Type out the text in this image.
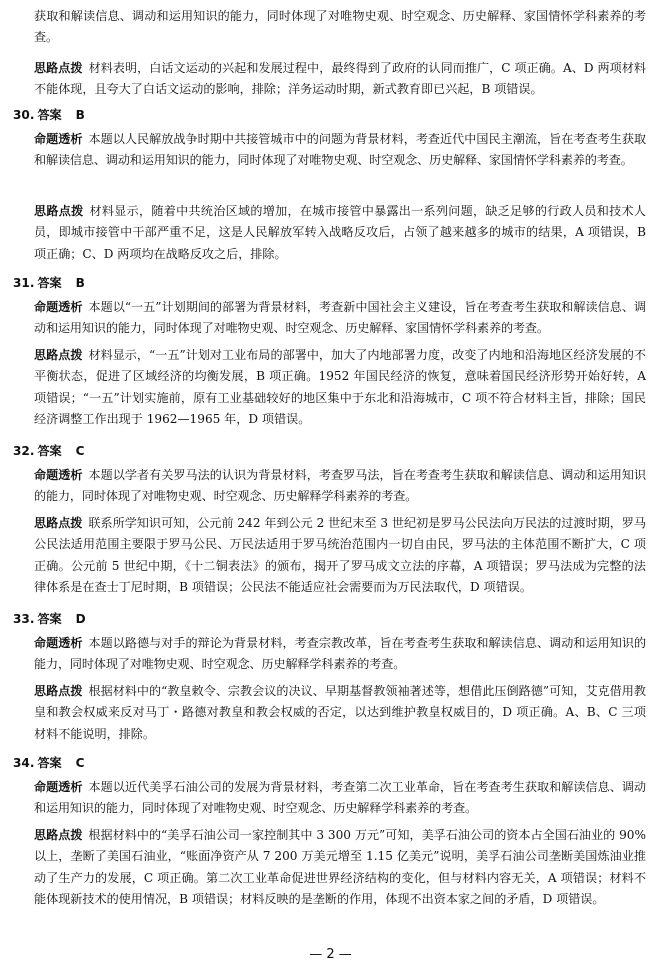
获取和解读信息、调动和运用知识的能力，同时体现了对唯物史观、时空观念、历史解释、家国情怀学科素养的考查。
思路点拨 材料表明，白话文运动的兴起和发展过程中，最终得到了政府的认同而推广，C 项正确。A、D 两项材料不能体现，且夸大了白话文运动的影响，排除；洋务运动时期，新式教育即已兴起，B 项错误。
30. 答案 B
命题透析 本题以人民解放战争时期中共接管城市中的问题为背景材料，考查近代中国民主潮流，旨在考查考生获取和解读信息、调动和运用知识的能力，同时体现了对唯物史观、时空观念、历史解释、家国情怀学科素养的考查。
思路点拨 材料显示，随着中共统治区域的增加，在城市接管中暴露出一系列问题，缺乏足够的行政人员和技术人员，即城市接管中干部严重不足，这是人民解放军转入战略反攻后，占领了越来越多的城市的结果，A 项错误，B 项正确；C、D 两项均在战略反攻之后，排除。
31. 答案 B
命题透析 本题以“一五”计划期间的部署为背景材料，考查新中国社会主义建设，旨在考查考生获取和解读信息、调动和运用知识的能力，同时体现了对唯物史观、时空观念、历史解释、家国情怀学科素养的考查。
思路点拨 材料显示，“一五”计划对工业布局的部署中，加大了内地部署力度，改变了内地和沿海地区经济发展的不平衡状态，促进了区域经济的均衡发展，B 项正确。1952 年国民经济的恢复，意味着国民经济形势开始好转，A 项错误；“一五”计划实施前，原有工业基础较好的地区集中于东北和沿海城市，C 项不符合材料主旨，排除；国民经济调整工作出现于 1962—1965 年，D 项错误。
32. 答案 C
命题透析 本题以学者有关罗马法的认识为背景材料，考查罗马法，旨在考查考生获取和解读信息、调动和运用知识的能力，同时体现了对唯物史观、时空观念、历史解释学科素养的考查。
思路点拨 联系所学知识可知，公元前 242 年到公元 2 世纪末至 3 世纪初是罗马公民法向万民法的过渡时期，罗马公民法适用范围主要限于罗马公民、万民法适用于罗马统治范围内一切自由民，罗马法的主体范围不断扩大，C 项正确。公元前 5 世纪中期，《十二铜表法》的颁布，揭开了罗马成文立法的序幕，A 项错误；罗马法成为完整的法律体系是在查士丁尼时期，B 项错误；公民法不能适应社会需要而为万民法取代，D 项错误。
33. 答案 D
命题透析 本题以路德与对手的辩论为背景材料，考查宗教改革，旨在考查考生获取和解读信息、调动和运用知识的能力，同时体现了对唯物史观、时空观念、历史解释学科素养的考查。
思路点拨 根据材料中的“教皇敕令、宗教会议的决议、早期基督教领袖著述等，想借此压倒路德”可知，艾克借用教皇和教会权威来反对马丁・路德对教皇和教会权威的否定，以达到维护教皇权威目的，D 项正确。A、B、C 三项材料不能说明，排除。
34. 答案 C
命题透析 本题以近代美孚石油公司的发展为背景材料，考查第二次工业革命，旨在考查考生获取和解读信息、调动和运用知识的能力，同时体现了对唯物史观、时空观念、历史解释学科素养的考查。
思路点拨 根据材料中的“美孚石油公司一家控制其中 3 300 万元”可知，美孚石油公司的资本占全国石油业的 90% 以上，垄断了美国石油业，“账面净资产从 7 200 万美元增至 1.15 亿美元”说明，美孚石油公司垄断美国炼油业推动了生产力的发展，C 项正确。第二次工业革命促进世界经济结构的变化，但与材料内容无关，A 项错误；材料不能体现新技术的使用情况，B 项错误；材料反映的是垄断的作用，体现不出资本家之间的矛盾，D 项错误。
— 2 —
